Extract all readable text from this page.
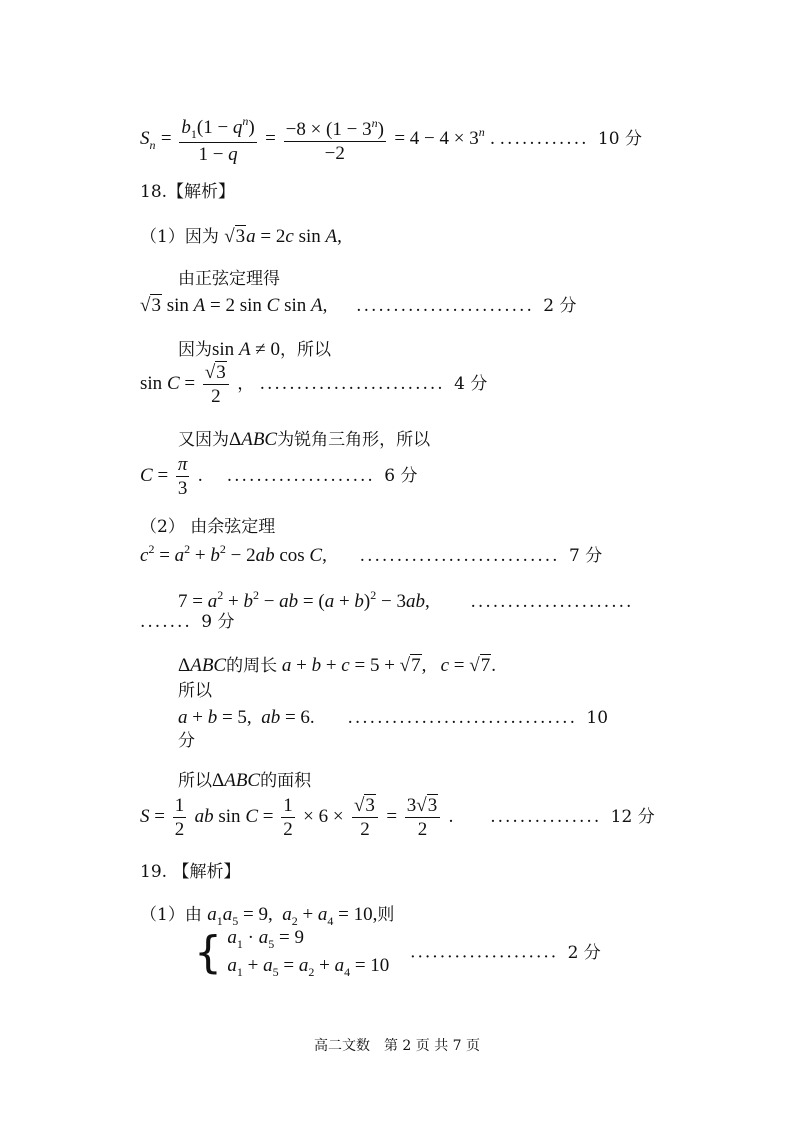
$S_n = \frac{b_1(1 - q^n)}{1 - q} = \frac{-8 \times (1 - 3^n)}{-2} = 4 - 4 \times 3^n$ . ............ 10 分
18.【解析】
（1）因为 √3a = 2c sin A,
由正弦定理得
√3 sin A = 2 sin C sin A, ........................ 2 分
因为sin A ≠ 0，所以
$\sin C = \frac{√3}{2}$ ， ......................... 4 分
又因为ΔABC为锐角三角形，所以
$C = \frac{\pi}{3}$ .  .................... 6 分
（2） 由余弦定理
$c^2 = a^2 + b^2 - 2ab$ cos C, ........................... 7 分
$7 = a^2 + b^2$ − ab = $(a + b)^2 - 3ab$, ......................
....... 9 分
ΔABC的周长 a + b + c = 5 + √7,   c = √7.
所以
a + b = 5,  ab = 6. ............................... 10
分
所以ΔABC的面积
$S = \frac{1}{2}$ ab $\sin C = \frac{1}{2} \times 6 \times \frac{√3}{2} = \frac{3√3}{2}$ . ............... 12 分
19. 【解析】
（1）由 $a_1a_5 = 9$,  $a_2 + a_4 = 10$,则
{ $a_1 \cdot a_5 = 9$
$a_1 + a_5 = a_2 + a_4 = 10$
.................... 2 分
高二文数　第 2 页 共 7 页
